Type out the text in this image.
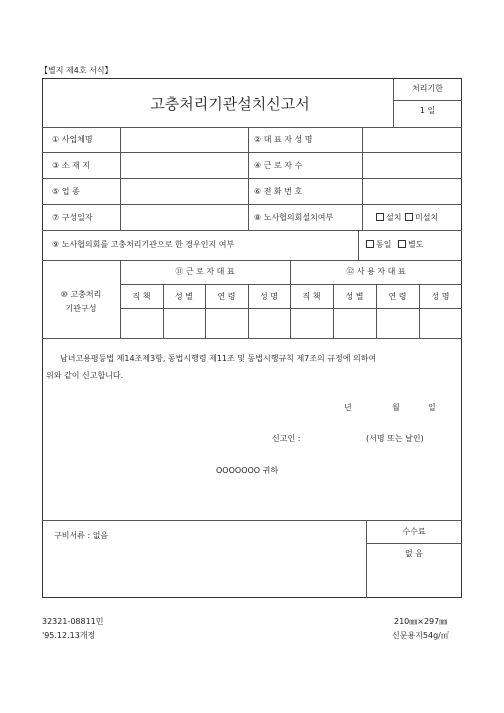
【별지 제4호 서식】
고충처리기관설치신고서
처리기한
1 일
① 사업체명	② 대 표 자 성 명
③ 소 재 지	④ 근 로 자 수
⑤ 업 종	⑥ 전 화 번 호
⑦ 구성일자	⑧ 노사협의회설치여부	설치 미설치
⑨ 노사협의회를 고충처리기관으로 한 경우인지 여부	동일 별도
⑩ 고충처리
기관구성
⑪ 근 로 자 대 표	⑫ 사 용 자 대 표
직 책	성 별	연 령	성 명	직 책	성 별	연 령	성 명
남녀고용평등법 제14조제3항, 동법시행령 제11조 및 동법시행규칙 제7조의 규정에 의하여
위와 같이 신고합니다.
년	월	일
신고인 :	(서명 또는 날인)
OOOOOOO 귀하
구비서류 : 없음	수수료
없 음
32321-08811민
'95.12.13개정
210㎜×297㎜
신문용지54g/㎡
